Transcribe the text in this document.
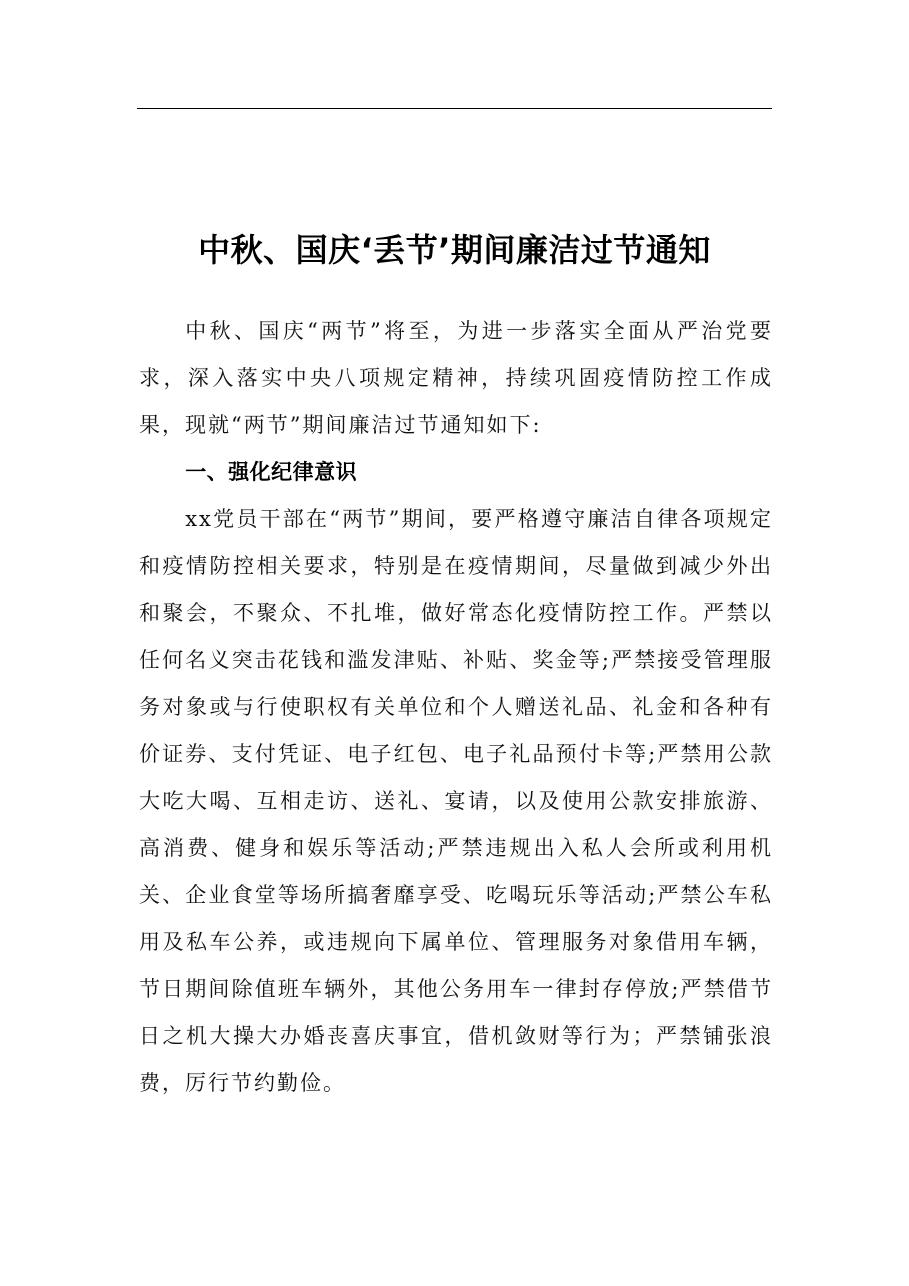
中秋、国庆‘丢节’期间廉洁过节通知

中秋、国庆“两节”将至，为进一步落实全面从严治党要求，深入落实中央八项规定精神，持续巩固疫情防控工作成果，现就“两节”期间廉洁过节通知如下:

一、强化纪律意识

xx党员干部在“两节”期间，要严格遵守廉洁自律各项规定和疫情防控相关要求，特别是在疫情期间，尽量做到减少外出和聚会，不聚众、不扎堆，做好常态化疫情防控工作。严禁以任何名义突击花钱和滥发津贴、补贴、奖金等;严禁接受管理服务对象或与行使职权有关单位和个人赠送礼品、礼金和各种有价证券、支付凭证、电子红包、电子礼品预付卡等;严禁用公款大吃大喝、互相走访、送礼、宴请，以及使用公款安排旅游、高消费、健身和娱乐等活动;严禁违规出入私人会所或利用机关、企业食堂等场所搞奢靡享受、吃喝玩乐等活动;严禁公车私用及私车公养，或违规向下属单位、管理服务对象借用车辆，节日期间除值班车辆外，其他公务用车一律封存停放;严禁借节日之机大操大办婚丧喜庆事宜，借机敛财等行为；严禁铺张浪费，厉行节约勤俭。
